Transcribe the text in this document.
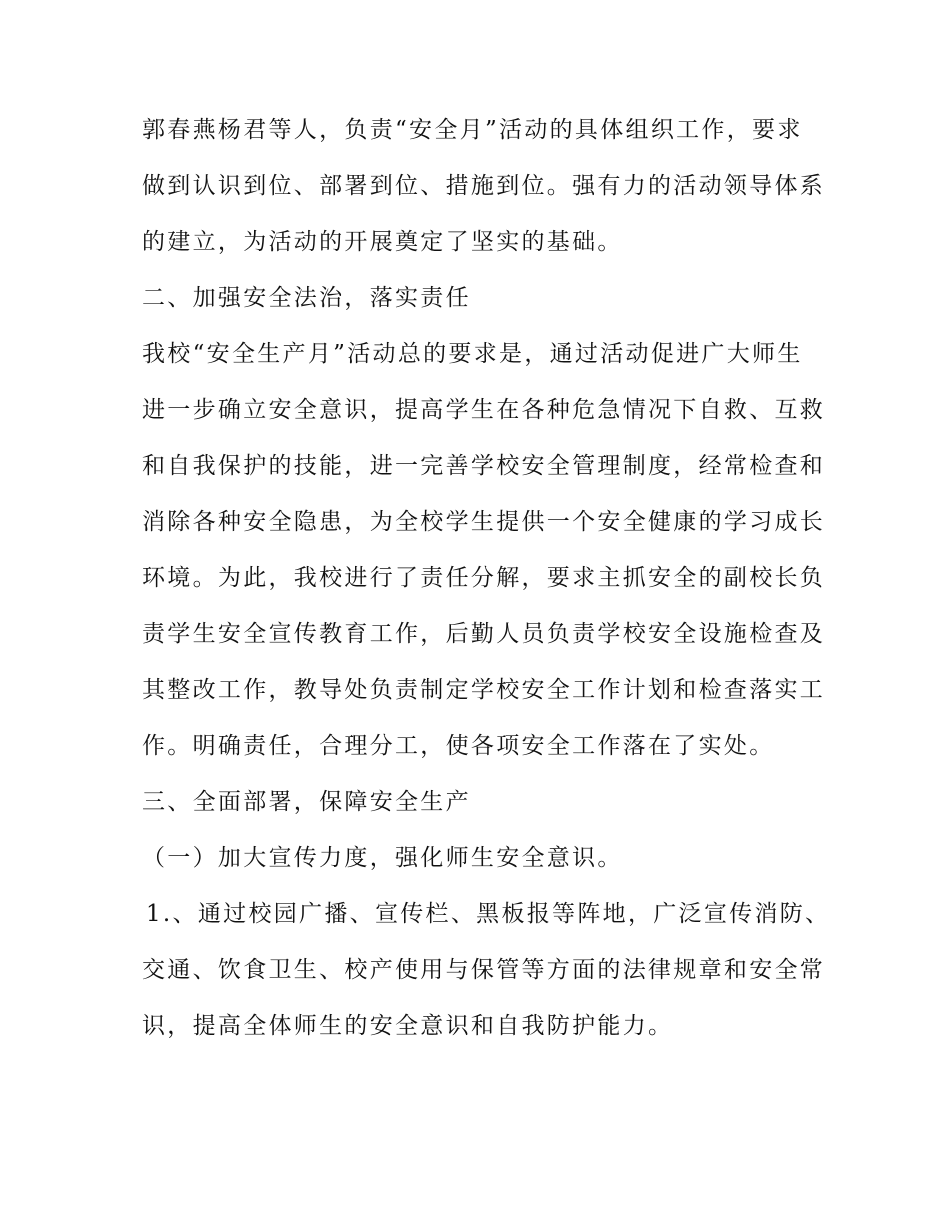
郭春燕杨君等人，负责“安全月”活动的具体组织工作，要求
做到认识到位、部署到位、措施到位。强有力的活动领导体系
的建立，为活动的开展奠定了坚实的基础。
二、加强安全法治，落实责任
我校“安全生产月”活动总的要求是，通过活动促进广大师生
进一步确立安全意识，提高学生在各种危急情况下自救、互救
和自我保护的技能，进一完善学校安全管理制度，经常检查和
消除各种安全隐患，为全校学生提供一个安全健康的学习成长
环境。为此，我校进行了责任分解，要求主抓安全的副校长负
责学生安全宣传教育工作，后勤人员负责学校安全设施检查及
其整改工作，教导处负责制定学校安全工作计划和检查落实工
作。明确责任，合理分工，使各项安全工作落在了实处。
三、全面部署，保障安全生产
（一）加大宣传力度，强化师生安全意识。
1.、通过校园广播、宣传栏、黑板报等阵地，广泛宣传消防、
交通、饮食卫生、校产使用与保管等方面的法律规章和安全常
识，提高全体师生的安全意识和自我防护能力。
